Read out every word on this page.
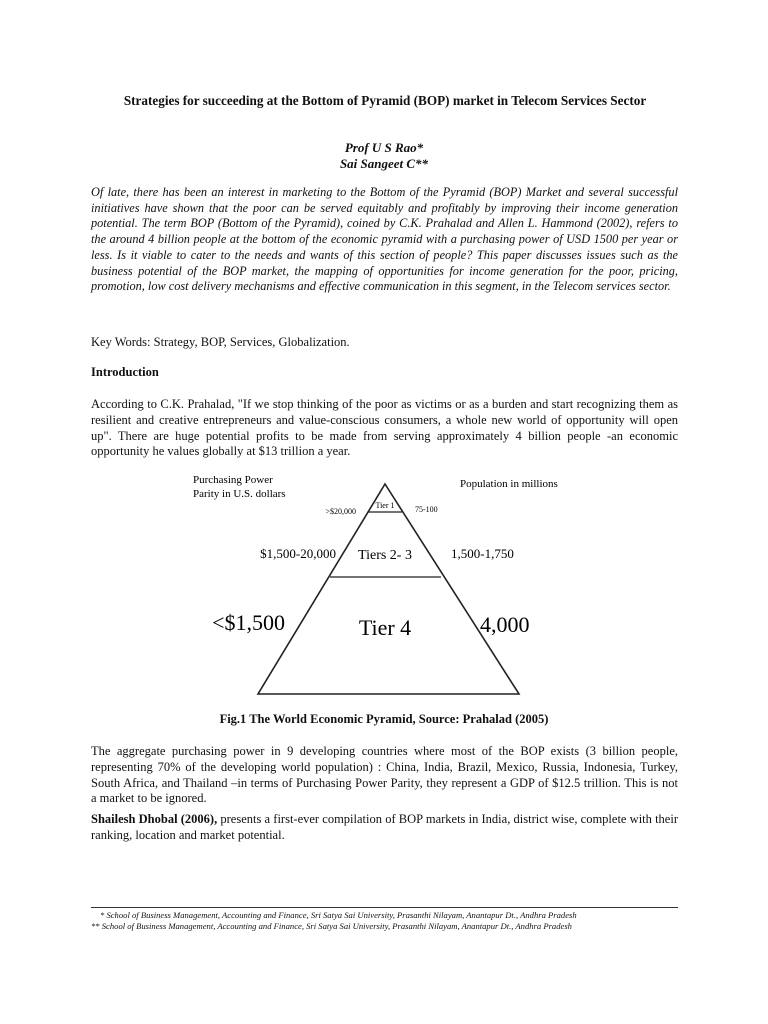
Strategies for succeeding at the Bottom of Pyramid (BOP) market in Telecom Services Sector
Prof U S Rao*
Sai Sangeet C**
Of late, there has been an interest in marketing to the Bottom of the Pyramid (BOP) Market and several successful initiatives have shown that the poor can be served equitably and profitably by improving their income generation potential. The term BOP (Bottom of the Pyramid), coined by C.K. Prahalad and Allen L. Hammond (2002), refers to the around 4 billion people at the bottom of the economic pyramid with a purchasing power of USD 1500 per year or less. Is it viable to cater to the needs and wants of this section of people? This paper discusses issues such as the business potential of the BOP market, the mapping of opportunities for income generation for the poor, pricing, promotion, low cost delivery mechanisms and effective communication in this segment, in the Telecom services sector.
Key Words: Strategy, BOP, Services, Globalization.
Introduction
According to C.K. Prahalad, "If we stop thinking of the poor as victims or as a burden and start recognizing them as resilient and creative entrepreneurs and value-conscious consumers, a whole new world of opportunity will open up". There are huge potential profits to be made from serving approximately 4 billion people -an economic opportunity he values globally at $13 trillion a year.
Purchasing Power
Parity in U.S. dollars
Population in millions
Tier 1
>$20,000	75-100
Tiers 2- 3
$1,500-20,000	1,500-1,750
Tier 4
<$1,500	4,000
Fig.1 The World Economic Pyramid, Source: Prahalad (2005)
The aggregate purchasing power in 9 developing countries where most of the BOP exists (3 billion people, representing 70% of the developing world population) : China, India, Brazil, Mexico, Russia, Indonesia, Turkey, South Africa, and Thailand –in terms of Purchasing Power Parity, they represent a GDP of $12.5 trillion. This is not a market to be ignored.
Shailesh Dhobal (2006), presents a first-ever compilation of BOP markets in India, district wise, complete with their ranking, location and market potential.
* School of Business Management, Accounting and Finance, Sri Satya Sai University, Prasanthi Nilayam, Anantapur Dt., Andhra Pradesh
** School of Business Management, Accounting and Finance, Sri Satya Sai University, Prasanthi Nilayam, Anantapur Dt., Andhra Pradesh
